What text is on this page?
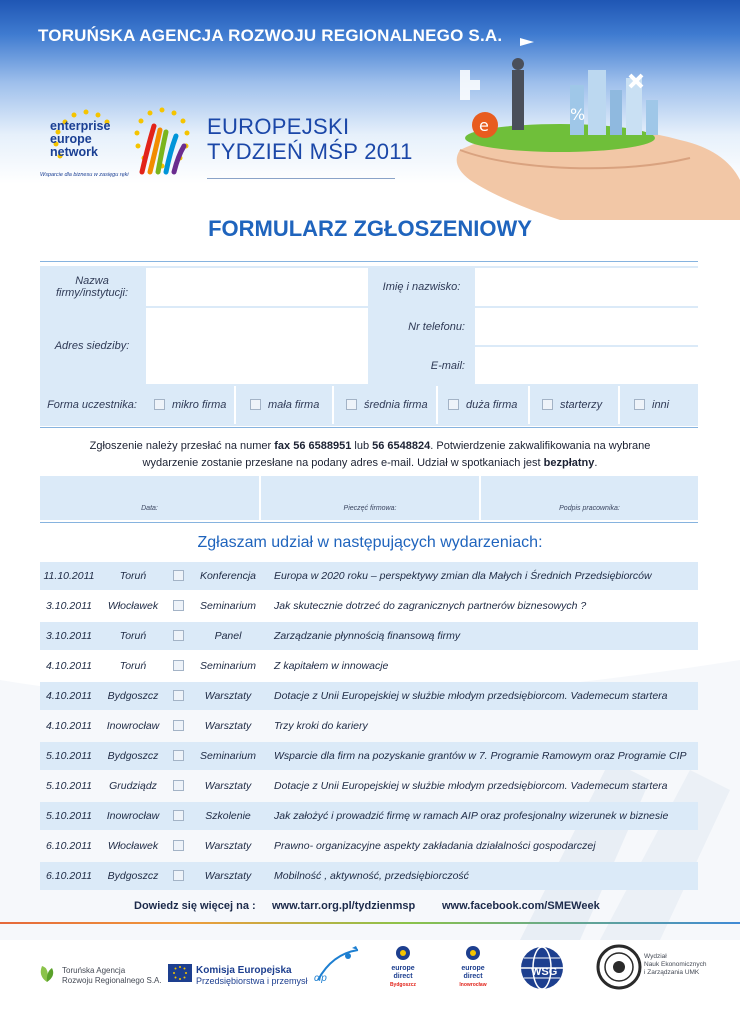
TORUŃSKA AGENCJA ROZWOJU REGIONALNEGO S.A.
e
%
enterprise
europe
network
Wsparcie dla biznesu w zasięgu ręki
EUROPEJSKI
TYDZIEŃ MŚP 2011
FORMULARZ ZGŁOSZENIOWY
Nazwa firmy/instytucji:	Imię i nazwisko:
Adres siedziby:
Nr telefonu:
E-mail:
Forma uczestnika:	mikro firma	mała firma	średnia firma	duża firma	starterzy	inni
Zgłoszenie należy przesłać na numer fax 56 6588951 lub 56 6548824. Potwierdzenie zakwalifikowania na wybrane
wydarzenie zostanie przesłane na podany adres e-mail. Udział w spotkaniach jest bezpłatny.
Data:	Pieczęć firmowa:	Podpis pracownika:
Zgłaszam udział w następujących wydarzeniach:
11.10.2011	Toruń	Konferencja	Europa w 2020 roku – perspektywy zmian dla Małych i Średnich Przedsiębiorców
3.10.2011	Włocławek	Seminarium	Jak skutecznie dotrzeć do zagranicznych partnerów biznesowych ?
3.10.2011	Toruń	Panel	Zarządzanie płynnością finansową firmy
4.10.2011	Toruń	Seminarium	Z kapitałem w innowacje
4.10.2011	Bydgoszcz	Warsztaty	Dotacje z Unii Europejskiej w służbie młodym przedsiębiorcom. Vademecum startera
4.10.2011	Inowrocław	Warsztaty	Trzy kroki do kariery
5.10.2011	Bydgoszcz	Seminarium	Wsparcie dla firm na pozyskanie grantów w 7. Programie Ramowym oraz Programie CIP
5.10.2011	Grudziądz	Warsztaty	Dotacje z Unii Europejskiej w służbie młodym przedsiębiorcom. Vademecum startera
5.10.2011	Inowrocław	Szkolenie	Jak założyć i prowadzić firmę w ramach AIP oraz profesjonalny wizerunek w biznesie
6.10.2011	Włocławek	Warsztaty	Prawno- organizacyjne aspekty zakładania działalności gospodarczej
6.10.2011	Bydgoszcz	Warsztaty	Mobilność , aktywność, przedsiębiorczość
Dowiedz się więcej na : www.tarr.org.pl/tydzienmsp www.facebook.com/SMEWeek
Toruńska Agencja
Rozwoju Regionalnego S.A.
Komisja Europejska
Przedsiębiorstwa i przemysł cip
europe
direct
Bydgoszcz
europe
direct
Inowrocław
WSG
Wydział
Nauk Ekonomicznych
i Zarządzania UMK
